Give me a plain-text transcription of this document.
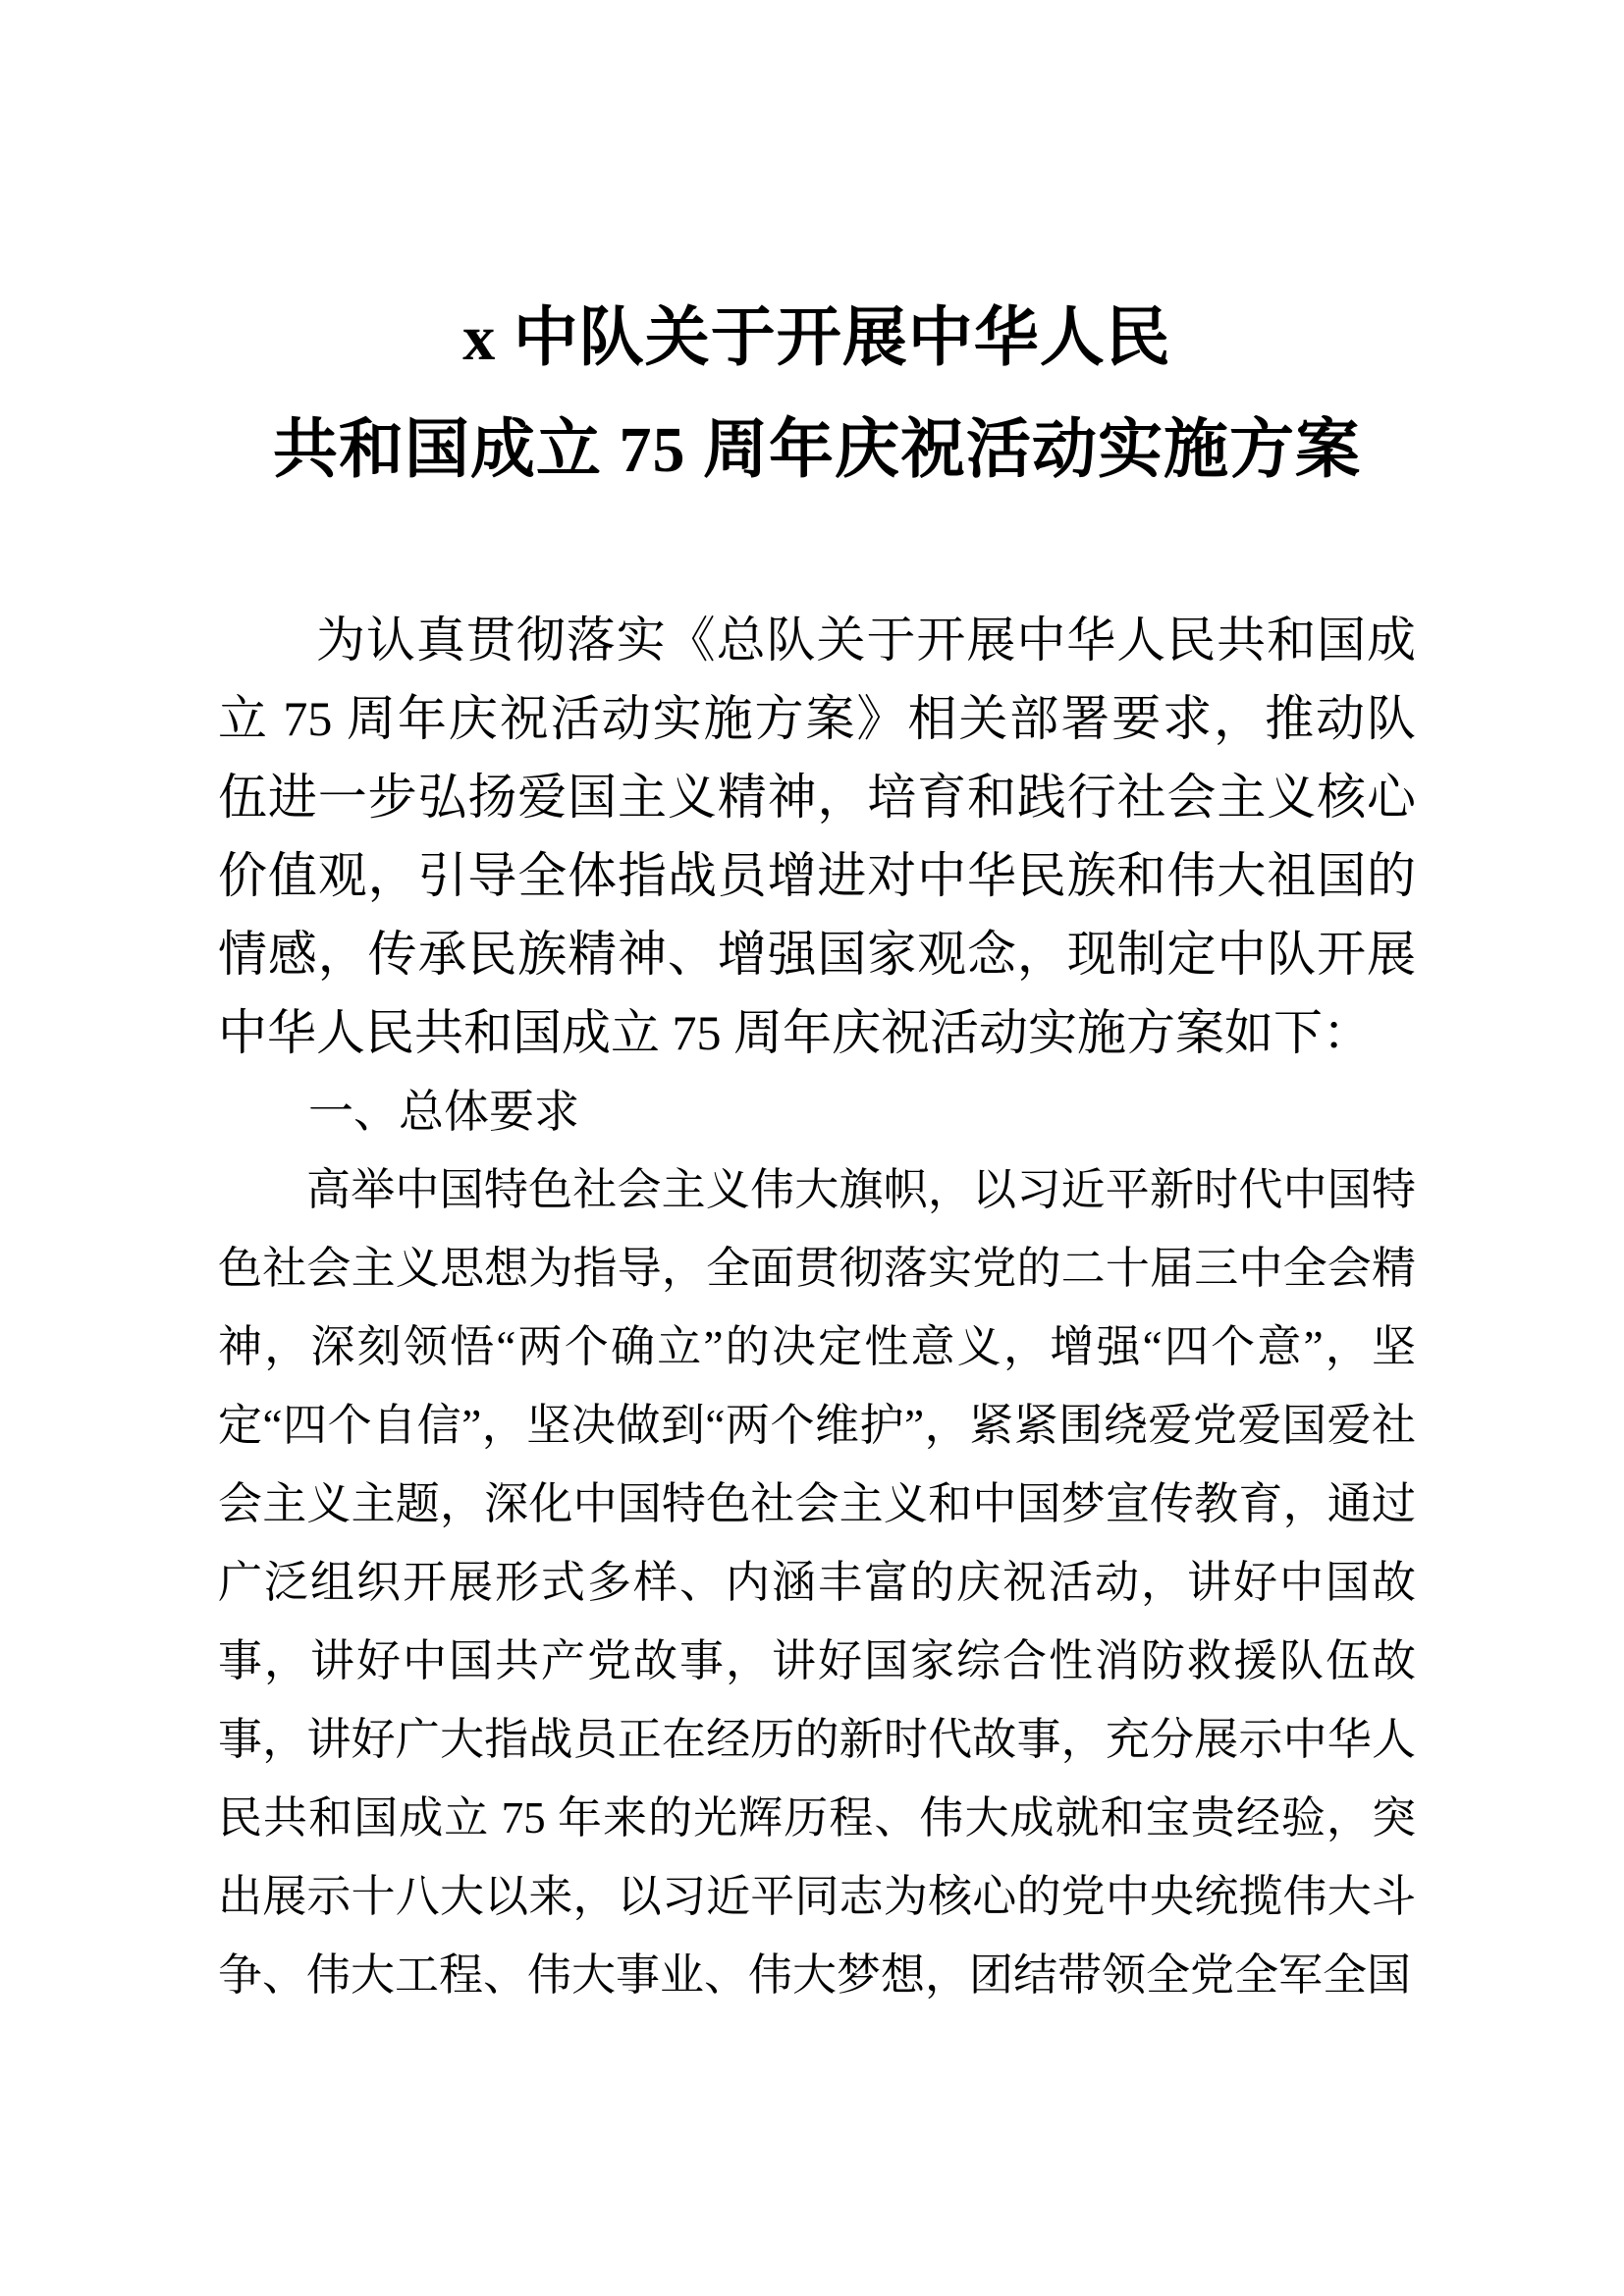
x 中队关于开展中华人民
共和国成立 75 周年庆祝活动实施方案

为认真贯彻落实《总队关于开展中华人民共和国成立 75 周年庆祝活动实施方案》相关部署要求，推动队伍进一步弘扬爱国主义精神，培育和践行社会主义核心价值观，引导全体指战员增进对中华民族和伟大祖国的情感，传承民族精神、增强国家观念，现制定中队开展中华人民共和国成立 75 周年庆祝活动实施方案如下：

一、总体要求

高举中国特色社会主义伟大旗帜，以习近平新时代中国特色社会主义思想为指导，全面贯彻落实党的二十届三中全会精神，深刻领悟“两个确立”的决定性意义，增强“四个意”，坚定“四个自信”，坚决做到“两个维护”，紧紧围绕爱党爱国爱社会主义主题，深化中国特色社会主义和中国梦宣传教育，通过广泛组织开展形式多样、内涵丰富的庆祝活动，讲好中国故事，讲好中国共产党故事，讲好国家综合性消防救援队伍故事，讲好广大指战员正在经历的新时代故事，充分展示中华人民共和国成立 75 年来的光辉历程、伟大成就和宝贵经验，突出展示十八大以来，以习近平同志为核心的党中央统揽伟大斗争、伟大工程、伟大事业、伟大梦想，团结带领全党全军全国
